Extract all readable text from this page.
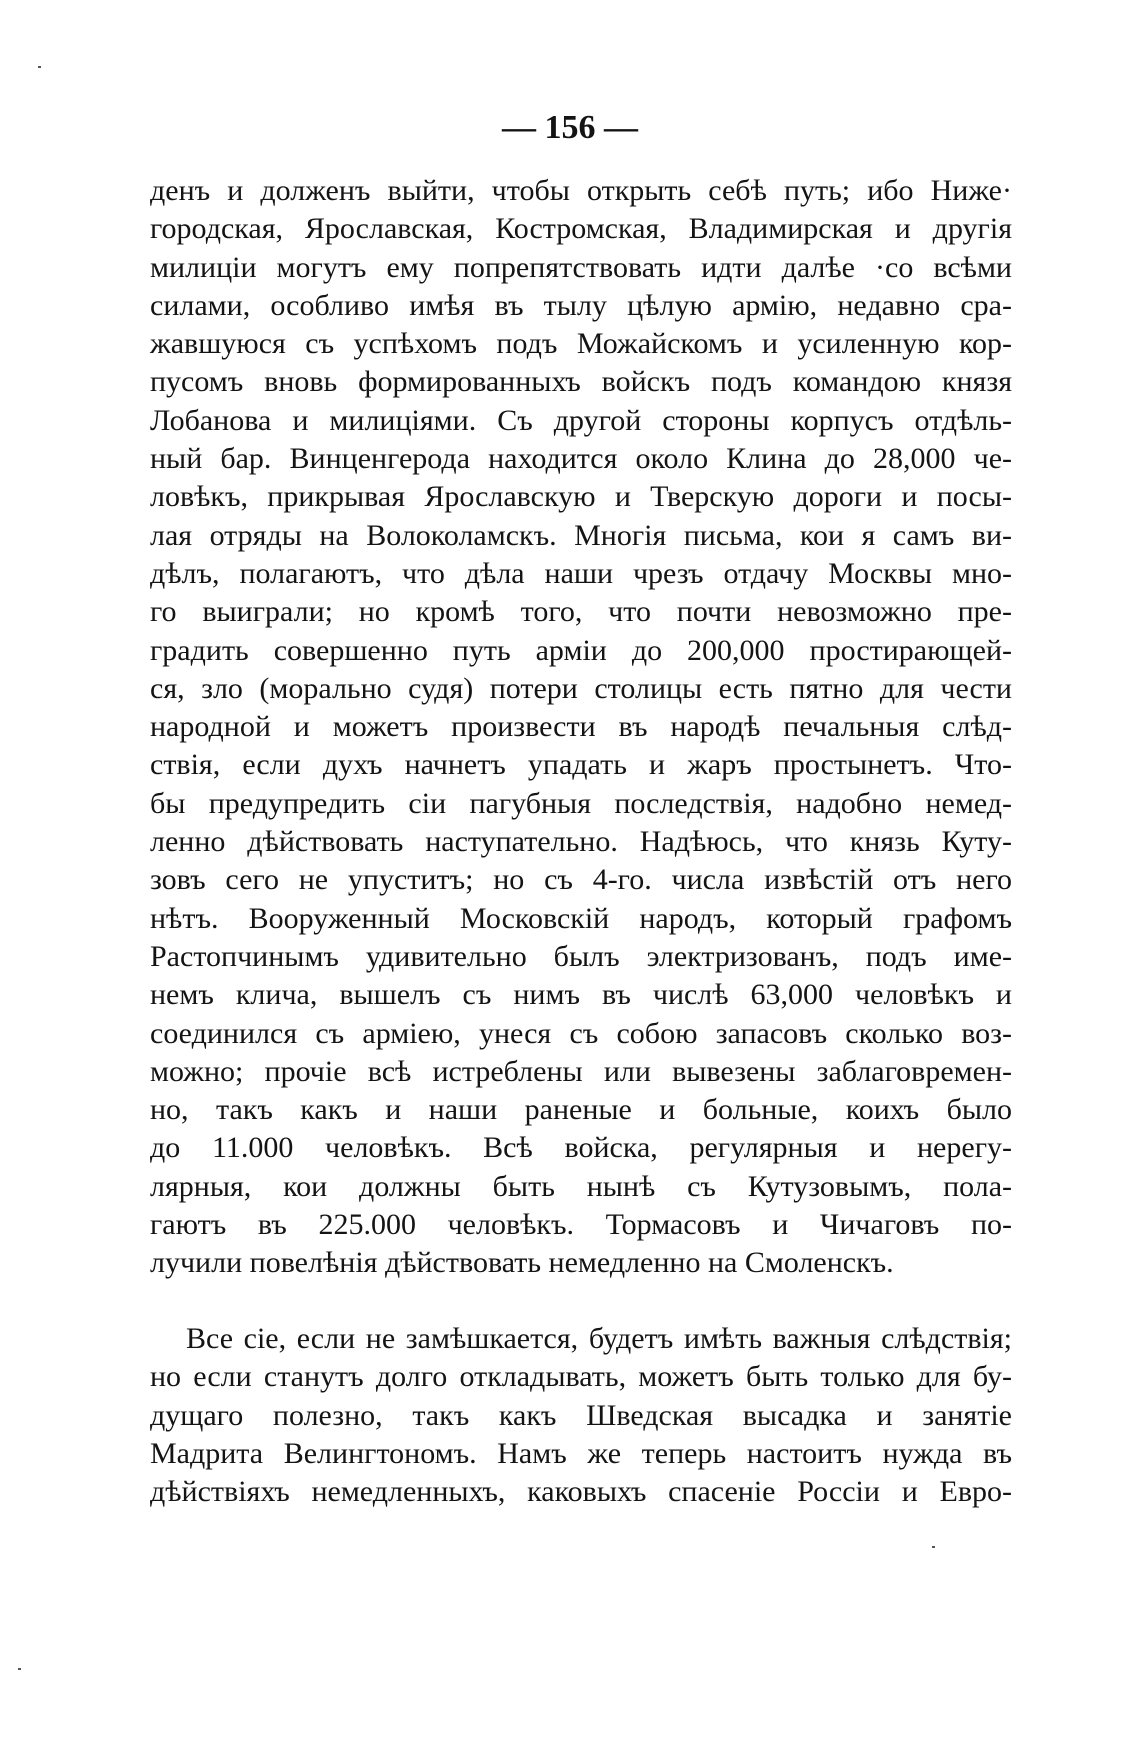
— 156 —
денъ и долженъ выйти, чтобы открыть себѣ путь; ибо Ниже·
городская, Ярославская, Костромская, Владимирская и другія
милиціи могутъ ему попрепятствовать идти далѣе ·со всѣми
силами, особливо имѣя въ тылу цѣлую армію, недавно сра-
жавшуюся съ успѣхомъ подъ Можайскомъ и усиленную кор-
пусомъ вновь формированныхъ войскъ подъ командою князя
Лобанова и милиціями. Съ другой стороны корпусъ отдѣль-
ный бар. Винценгерода находится около Клина до 28,000 че-
ловѣкъ, прикрывая Ярославскую и Тверскую дороги и посы-
лая отряды на Волоколамскъ. Многія письма, кои я самъ ви-
дѣлъ, полагаютъ, что дѣла наши чрезъ отдачу Москвы мно-
го выиграли; но кромѣ того, что почти невозможно пре-
градить совершенно путь арміи до 200,000 простирающей-
ся, зло (морально судя) потери столицы есть пятно для чести
народной и можетъ произвести въ народѣ печальныя слѣд-
ствія, если духъ начнетъ упадать и жаръ простынетъ. Что-
бы предупредить сіи пагубныя последствія, надобно немед-
ленно дѣйствовать наступательно. Надѣюсь, что князь Куту-
зовъ сего не упуститъ; но съ 4-го. числа извѣстій отъ него
нѣтъ. Вооруженный Московскій народъ, который графомъ
Растопчинымъ удивительно былъ электризованъ, подъ име-
немъ клича, вышелъ съ нимъ въ числѣ 63,000 человѣкъ и
соединился съ арміею, унеся съ собою запасовъ сколько воз-
можно; прочіе всѣ истреблены или вывезены заблаговремен-
но, такъ какъ и наши раненые и больные, коихъ было
до 11.000 человѣкъ. Всѣ войска, регулярныя и нерегу-
лярныя, кои должны быть нынѣ съ Кутузовымъ, пола-
гаютъ въ 225.000 человѣкъ. Тормасовъ и Чичаговъ по-
лучили повелѣнія дѣйствовать немедленно на Смоленскъ.
Все сіе, если не замѣшкается, будетъ имѣть важныя слѣдствія;
но если станутъ долго откладывать, можетъ быть только для бу-
дущаго полезно, такъ какъ Шведская высадка и занятіе
Мадрита Велингтономъ. Намъ же теперь настоитъ нужда въ
дѣйствіяхъ немедленныхъ, каковыхъ спасеніе Россіи и Евро-
